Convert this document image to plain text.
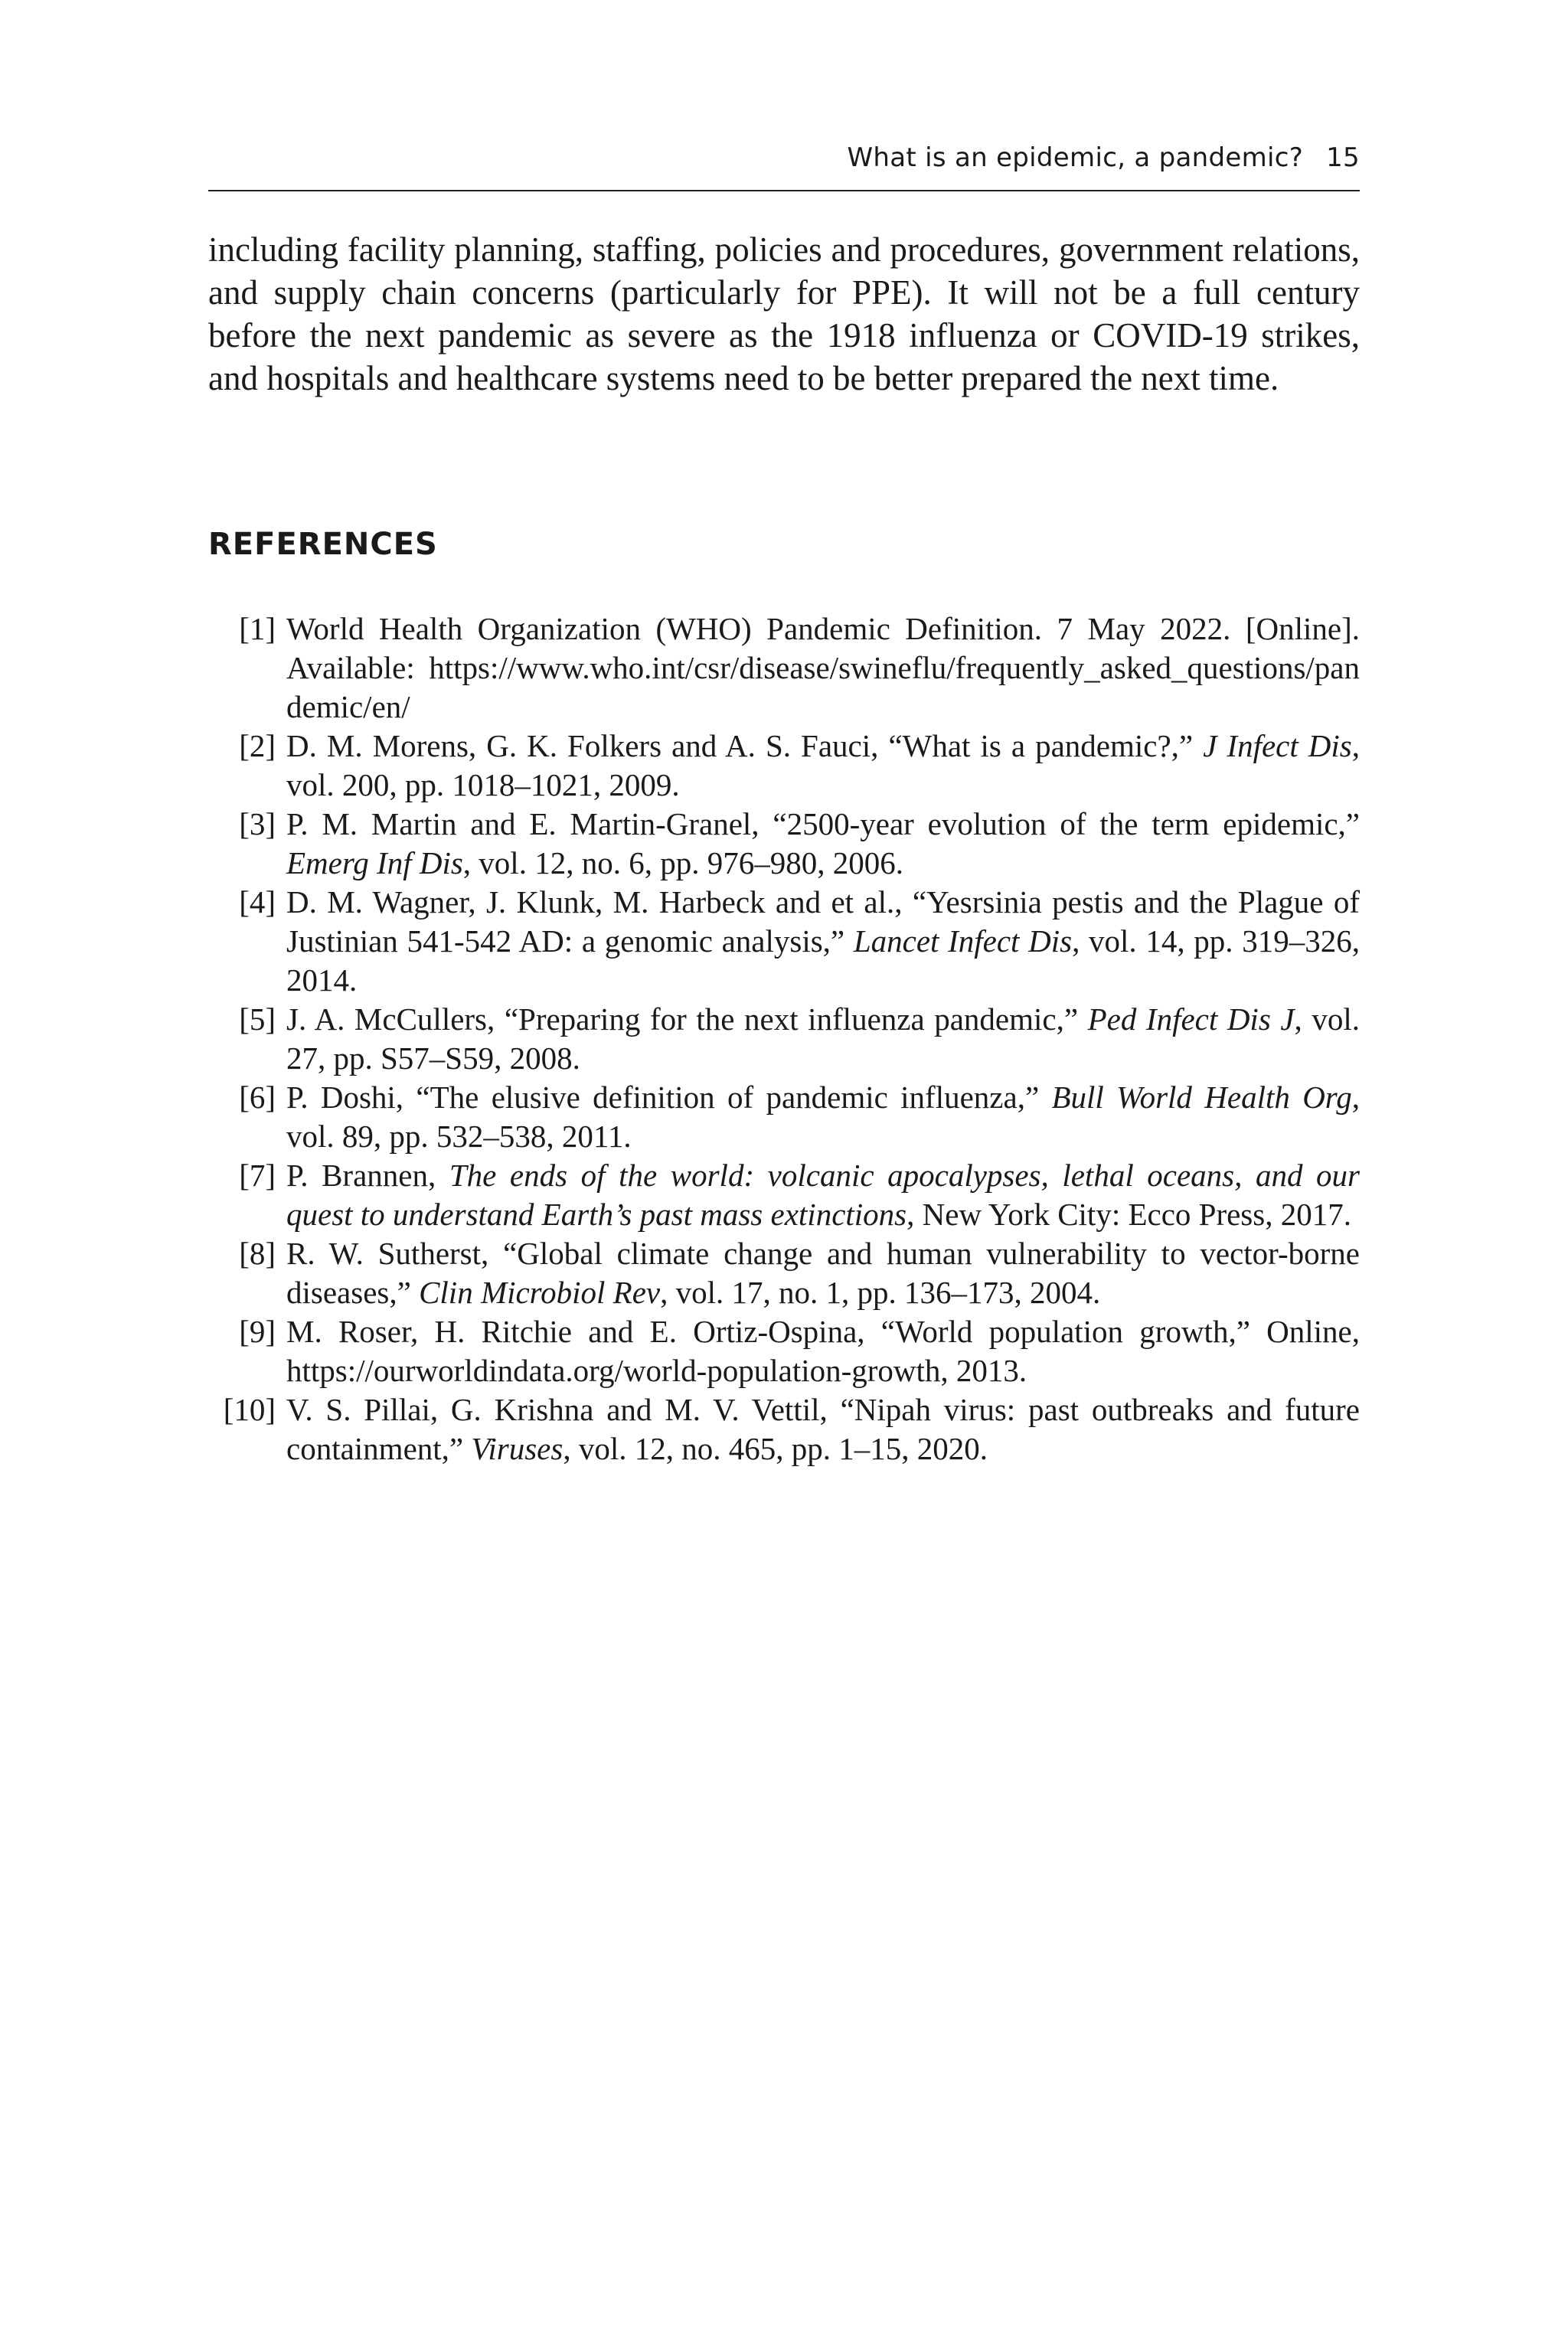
What is an epidemic, a pandemic? 15

including facility planning, staffing, policies and procedures, government relations, and supply chain concerns (particularly for PPE). It will not be a full century before the next pandemic as severe as the 1918 influenza or COVID-19 strikes, and hospitals and healthcare systems need to be better prepared the next time.

REFERENCES
[1] World Health Organization (WHO) Pandemic Definition. 7 May 2022. [Online]. Available: https://www.who.int/csr/disease/swineflu/frequently_asked_questions/pandemic/en/
[2] D. M. Morens, G. K. Folkers and A. S. Fauci, “What is a pandemic?,” J Infect Dis, vol. 200, pp. 1018–1021, 2009.
[3] P. M. Martin and E. Martin-Granel, “2500-year evolution of the term epidemic,” Emerg Inf Dis, vol. 12, no. 6, pp. 976–980, 2006.
[4] D. M. Wagner, J. Klunk, M. Harbeck and et al., “Yesrsinia pestis and the Plague of Justinian 541-542 AD: a genomic analysis,” Lancet Infect Dis, vol. 14, pp. 319–326, 2014.
[5] J. A. McCullers, “Preparing for the next influenza pandemic,” Ped Infect Dis J, vol. 27, pp. S57–S59, 2008.
[6] P. Doshi, “The elusive definition of pandemic influenza,” Bull World Health Org, vol. 89, pp. 532–538, 2011.
[7] P. Brannen, The ends of the world: volcanic apocalypses, lethal oceans, and our quest to understand Earth’s past mass extinctions, New York City: Ecco Press, 2017.
[8] R. W. Sutherst, “Global climate change and human vulnerability to vector-borne diseases,” Clin Microbiol Rev, vol. 17, no. 1, pp. 136–173, 2004.
[9] M. Roser, H. Ritchie and E. Ortiz-Ospina, “World population growth,” Online, https://ourworldindata.org/world-population-growth, 2013.
[10] V. S. Pillai, G. Krishna and M. V. Vettil, “Nipah virus: past outbreaks and future containment,” Viruses, vol. 12, no. 465, pp. 1–15, 2020.
